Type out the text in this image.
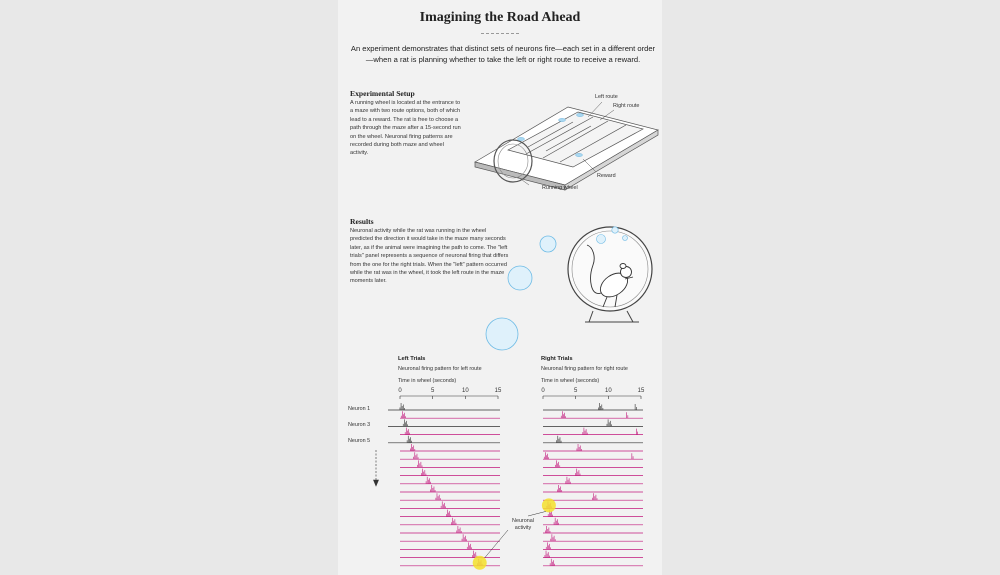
Imagining the Road Ahead
An experiment demonstrates that distinct sets of neurons fire—each set in a different order—when a rat is planning whether to take the left or right route to receive a reward.
Experimental Setup
A running wheel is located at the entrance to a maze with two route options, both of which lead to a reward. The rat is free to choose a path through the maze after a 15-second run on the wheel. Neuronal firing patterns are recorded during both maze and wheel activity.
Left route
Right route
Reward
Running wheel
Results
Neuronal activity while the rat was running in the wheel predicted the direction it would take in the maze many seconds later, as if the animal were imagining the path to come. The "left trials" panel represents a sequence of neuronal firing that differs from the one for the right trials. When the "left" pattern occurred while the rat was in the wheel, it took the left route in the maze moments later.
Left Trials
Neuronal firing pattern for left route
Time in wheel (seconds)
Right Trials
Neuronal firing pattern for right route
Time in wheel (seconds)
0	5	10	15	0	5	10	15
Neuron 1
Neuron 3
Neuron 5
Neuronal activity
